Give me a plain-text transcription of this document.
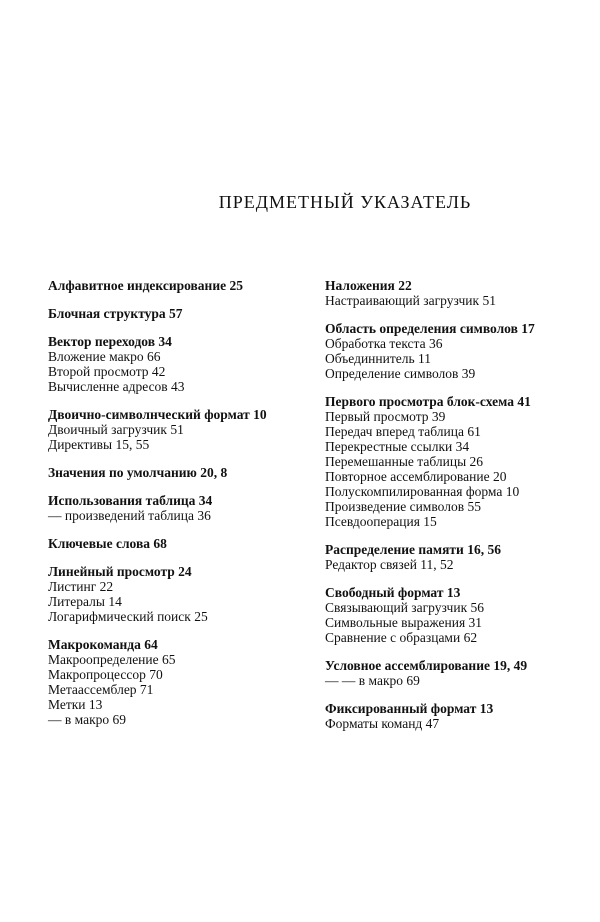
ПРЕДМЕТНЫЙ УКАЗАТЕЛЬ
Алфавитное индексирование 25
Блочная структура 57
Вектор переходов 34
Вложение макро 66
Второй просмотр 42
Вычисленне адресов 43
Двоично-символнческий формат 10
Двоичный загрузчик 51
Директивы 15, 55
Значения по умолчанию 20, 8
Использования таблица 34
— произведений таблица 36
Ключевые слова 68
Линейный просмотр 24
Листинг 22
Литералы 14
Логарифмический поиск 25
Макрокоманда 64
Макроопределение 65
Макропроцессор 70
Метаассемблер 71
Метки 13
— в макро 69
Наложения 22
Настраивающий загрузчик 51
Область определения символов 17
Обработка текста 36
Объединнитель 11
Определение символов 39
Первого просмотра блок-схема 41
Первый просмотр 39
Передач вперед таблица 61
Перекрестные ссылки 34
Перемешанные таблицы 26
Повторное ассемблирование 20
Полускомпилированная форма 10
Произведение символов 55
Псевдооперация 15
Распределение памяти 16, 56
Редактор связей 11, 52
Свободный формат 13
Связывающий загрузчик 56
Символьные выражения 31
Сравнение с образцами 62
Условное ассемблирование 19, 49
— — в макро 69
Фиксированный формат 13
Форматы команд 47
